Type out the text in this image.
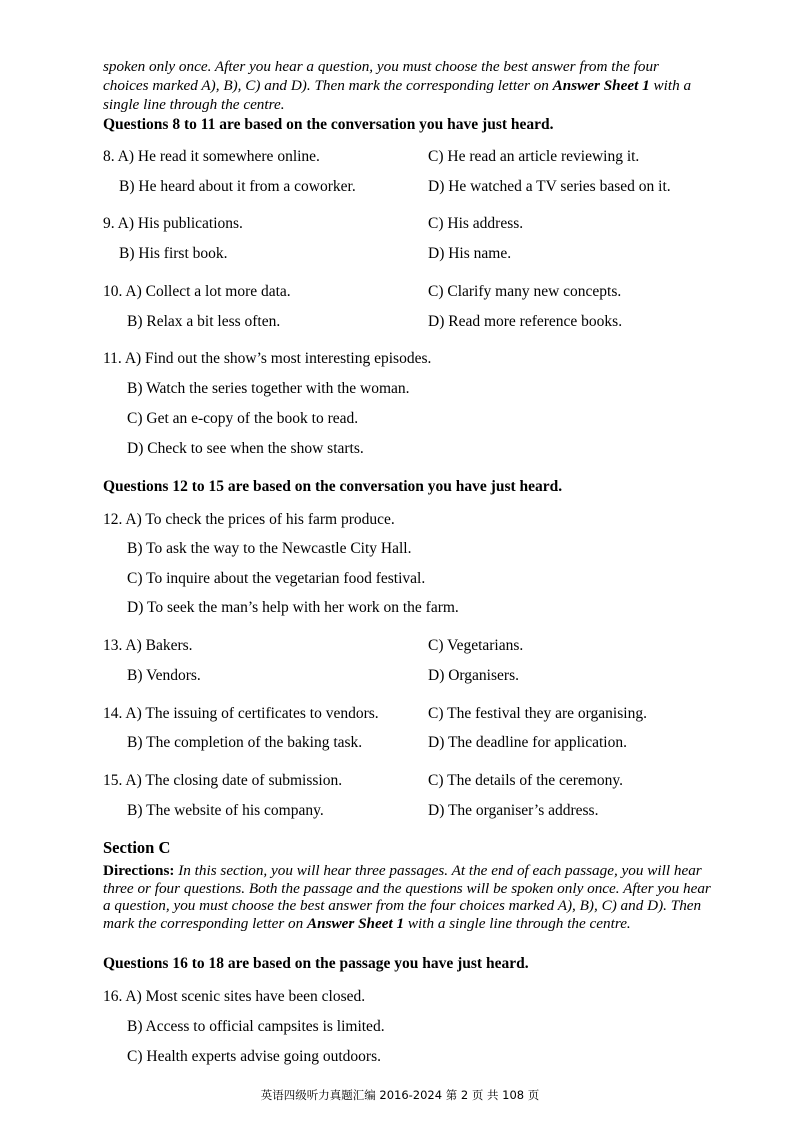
spoken only once. After you hear a question, you must choose the best answer from the four choices marked A), B), C) and D). Then mark the corresponding letter on Answer Sheet 1 with a single line through the centre.
Questions 8 to 11 are based on the conversation you have just heard.
8. A) He read it somewhere online.	C) He read an article reviewing it.
B) He heard about it from a coworker.	D) He watched a TV series based on it.
9. A) His publications.	C) His address.
B) His first book.	D) His name.
10. A) Collect a lot more data.	C) Clarify many new concepts.
B) Relax a bit less often.	D) Read more reference books.
11. A) Find out the show’s most interesting episodes.
B) Watch the series together with the woman.
C) Get an e-copy of the book to read.
D) Check to see when the show starts.
Questions 12 to 15 are based on the conversation you have just heard.
12. A) To check the prices of his farm produce.
B) To ask the way to the Newcastle City Hall.
C) To inquire about the vegetarian food festival.
D) To seek the man’s help with her work on the farm.
13. A) Bakers.	C) Vegetarians.
B) Vendors.	D) Organisers.
14. A) The issuing of certificates to vendors.	C) The festival they are organising.
B) The completion of the baking task.	D) The deadline for application.
15. A) The closing date of submission.	C) The details of the ceremony.
B) The website of his company.	D) The organiser’s address.
Section C
Directions: In this section, you will hear three passages. At the end of each passage, you will hear three or four questions. Both the passage and the questions will be spoken only once. After you hear a question, you must choose the best answer from the four choices marked A), B), C) and D). Then mark the corresponding letter on Answer Sheet 1 with a single line through the centre.
Questions 16 to 18 are based on the passage you have just heard.
16. A) Most scenic sites have been closed.
B) Access to official campsites is limited.
C) Health experts advise going outdoors.
英语四级听力真题汇编 2016-2024 第 2 页 共 108 页
